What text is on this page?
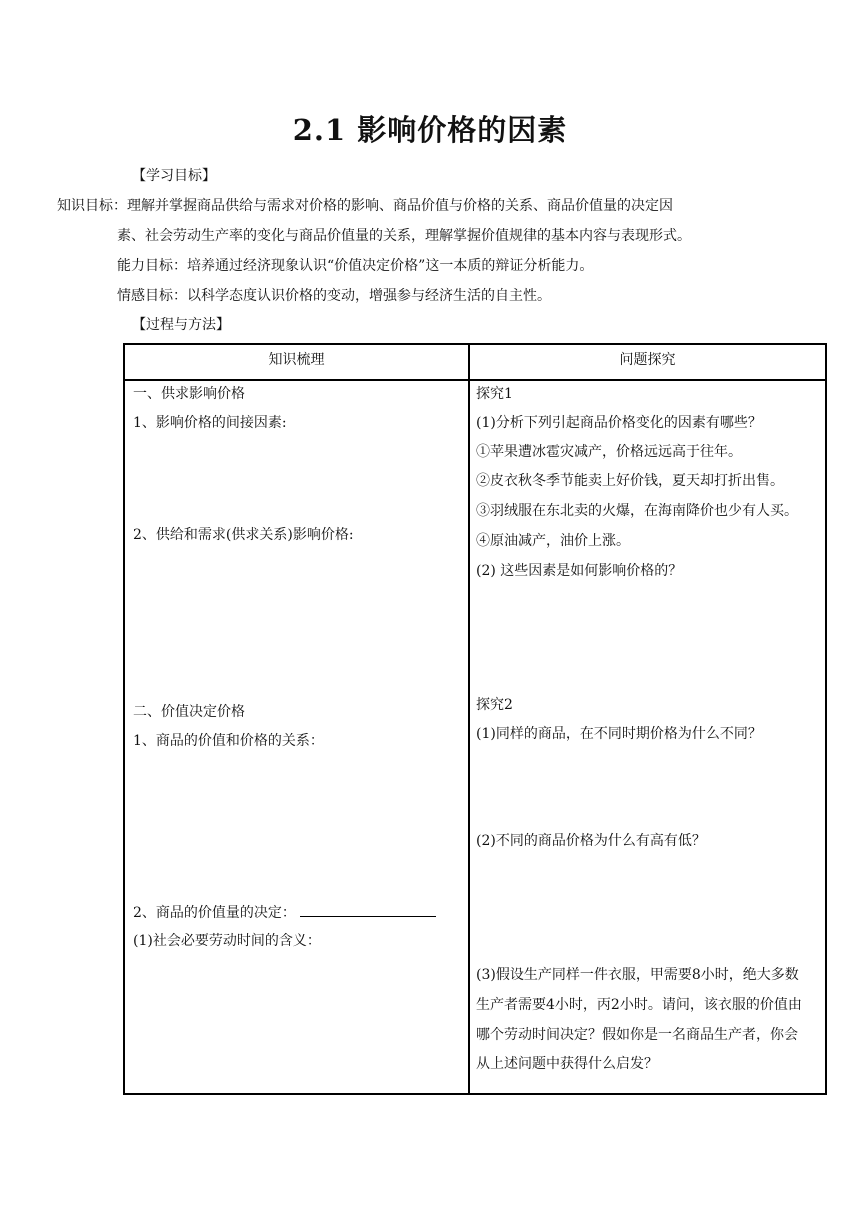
2.1 影响价格的因素
【学习目标】
知识目标：理解并掌握商品供给与需求对价格的影响、商品价值与价格的关系、商品价值量的决定因
素、社会劳动生产率的变化与商品价值量的关系，理解掌握价值规律的基本内容与表现形式。
能力目标：培养通过经济现象认识“价值决定价格”这一本质的辩证分析能力。
情感目标：以科学态度认识价格的变动，增强参与经济生活的自主性。
【过程与方法】
知识梳理	问题探究
一、供求影响价格
1、影响价格的间接因素:
2、供给和需求(供求关系)影响价格:
二、价值决定价格
1、商品的价值和价格的关系：
2、商品的价值量的决定：
(1)社会必要劳动时间的含义：
探究1
(1)分析下列引起商品价格变化的因素有哪些？
①苹果遭冰雹灾减产，价格远远高于往年。
②皮衣秋冬季节能卖上好价钱，夏天却打折出售。
③羽绒服在东北卖的火爆，在海南降价也少有人买。
④原油减产，油价上涨。
(2) 这些因素是如何影响价格的？
探究2
(1)同样的商品，在不同时期价格为什么不同？
(2)不同的商品价格为什么有高有低？
(3)假设生产同样一件衣服，甲需要8小时，绝大多数
生产者需要4小时，丙2小时。请问，该衣服的价值由
哪个劳动时间决定？假如你是一名商品生产者，你会
从上述问题中获得什么启发？
